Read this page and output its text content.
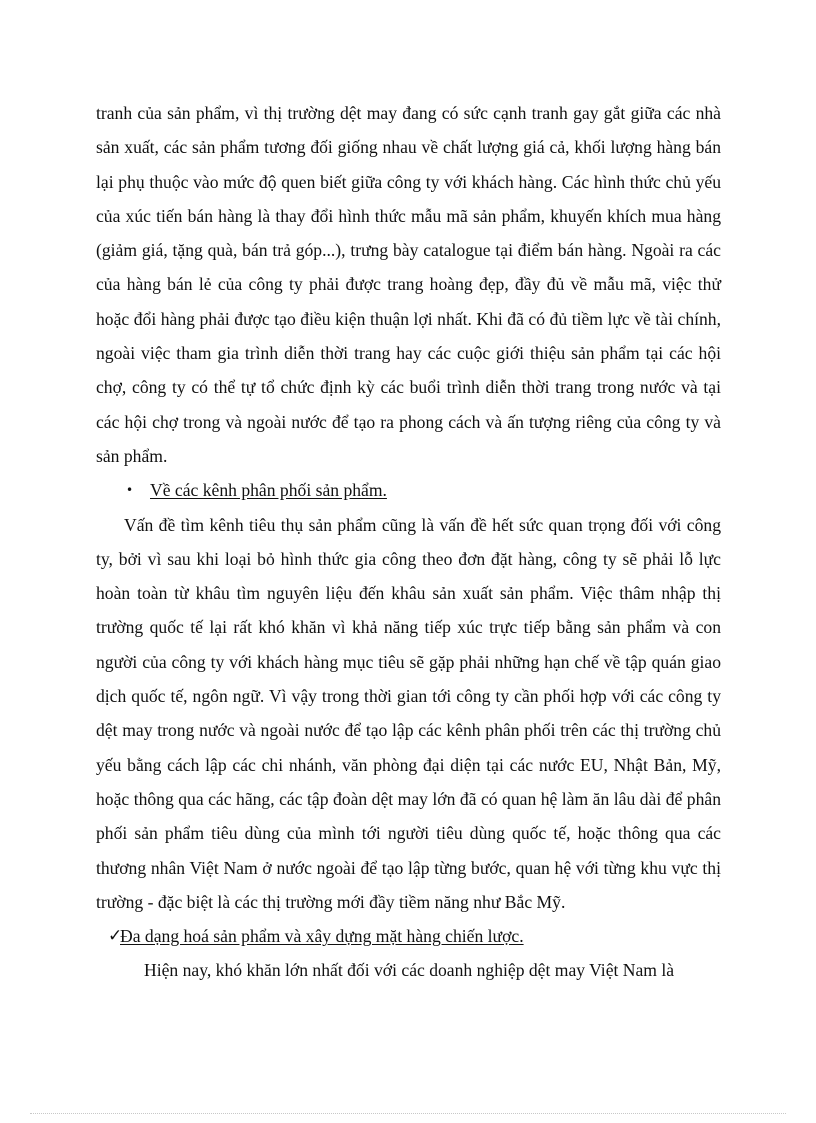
tranh của sản phẩm, vì thị trường dệt may đang có sức cạnh tranh gay gắt giữa các nhà sản xuất, các sản phẩm tương đối giống nhau về chất lượng giá cả, khối lượng hàng bán lại phụ thuộc vào mức độ quen biết giữa công ty với khách hàng. Các hình thức chủ yếu của xúc tiến bán hàng là thay đổi hình thức mẫu mã sản phẩm, khuyến khích mua hàng (giảm giá, tặng quà, bán trả góp...), trưng bày catalogue tại điểm bán hàng. Ngoài ra các của hàng bán lẻ của công ty phải được trang hoàng đẹp, đầy đủ về mẫu mã, việc thử hoặc đổi hàng phải được tạo điều kiện thuận lợi nhất. Khi đã có đủ tiềm lực về tài chính, ngoài việc tham gia trình diễn thời trang hay các cuộc giới thiệu sản phẩm tại các hội chợ, công ty có thể tự tổ chức định kỳ các buổi trình diễn thời trang trong nước và tại các hội chợ trong và ngoài nước để tạo ra phong cách và ấn tượng riêng của công ty và sản phẩm.

• Về các kênh phân phối sản phẩm.

Vấn đề tìm kênh tiêu thụ sản phẩm cũng là vấn đề hết sức quan trọng đối với công ty, bởi vì sau khi loại bỏ hình thức gia công theo đơn đặt hàng, công ty sẽ phải lỗ lực hoàn toàn từ khâu tìm nguyên liệu đến khâu sản xuất sản phẩm. Việc thâm nhập thị trường quốc tế lại rất khó khăn vì khả năng tiếp xúc trực tiếp bằng sản phẩm và con người của công ty với khách hàng mục tiêu sẽ gặp phải những hạn chế về tập quán giao dịch quốc tế, ngôn ngữ. Vì vậy trong thời gian tới công ty cần phối hợp với các công ty dệt may trong nước và ngoài nước để tạo lập các kênh phân phối trên các thị trường chủ yếu bằng cách lập các chi nhánh, văn phòng đại diện tại các nước EU, Nhật Bản, Mỹ, hoặc thông qua các hãng, các tập đoàn dệt may lớn đã có quan hệ làm ăn lâu dài để phân phối sản phẩm tiêu dùng của mình tới người tiêu dùng quốc tế, hoặc thông qua các thương nhân Việt Nam ở nước ngoài để tạo lập từng bước, quan hệ với từng khu vực thị trường - đặc biệt là các thị trường mới đầy tiềm năng như Bắc Mỹ.

✓
Đa dạng hoá sản phẩm và xây dựng mặt hàng chiến lược.

Hiện nay, khó khăn lớn nhất đối với các doanh nghiệp dệt may Việt Nam là
